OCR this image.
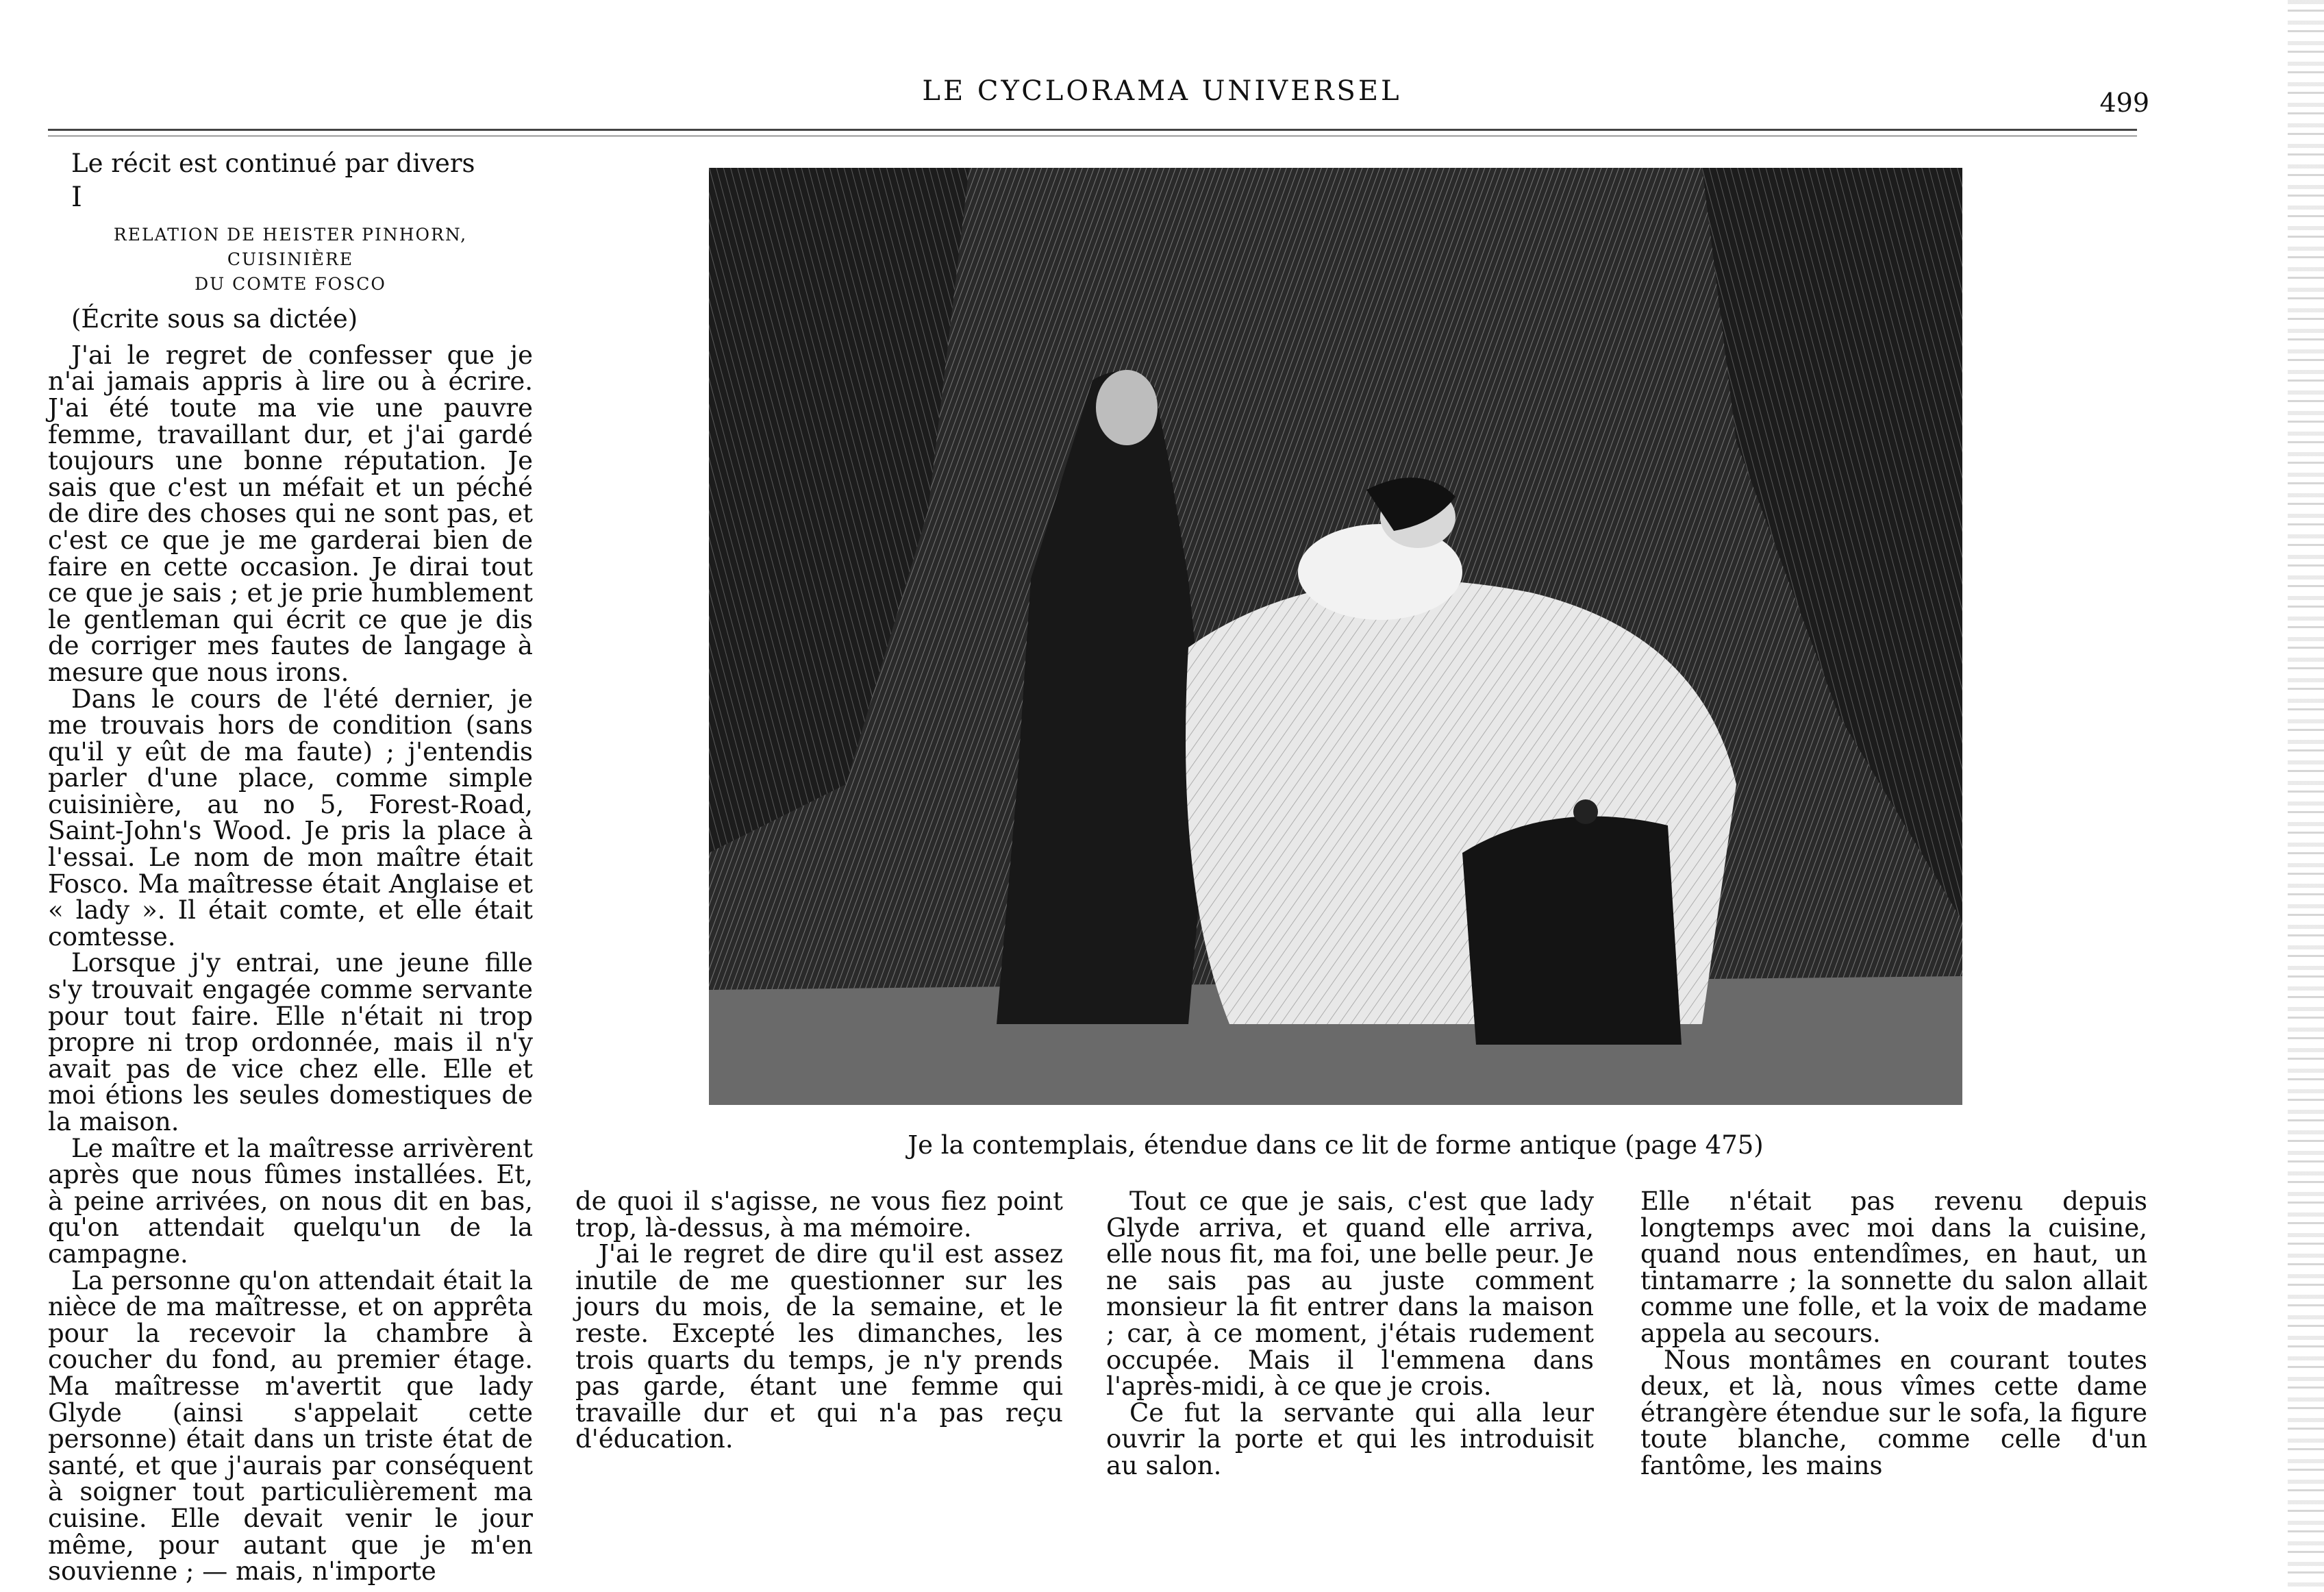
LE CYCLORAMA UNIVERSEL	499

Le récit est continué par divers

I

RELATION DE HEISTER PINHORN, CUISINIÈRE
DU COMTE FOSCO

(Écrite sous sa dictée)

J'ai le regret de confesser que je n'ai jamais appris à lire ou à écrire. J'ai été toute ma vie une pauvre femme, travaillant dur, et j'ai gardé toujours une bonne réputation. Je sais que c'est un méfait et un péché de dire des choses qui ne sont pas, et c'est ce que je me garderai bien de faire en cette occasion. Je dirai tout ce que je sais ; et je prie humblement le gentleman qui écrit ce que je dis de corriger mes fautes de langage à mesure que nous irons.

Dans le cours de l'été dernier, je me trouvais hors de condition (sans qu'il y eût de ma faute) ; j'entendis parler d'une place, comme simple cuisinière, au no 5, Forest-Road, Saint-John's Wood. Je pris la place à l'essai. Le nom de mon maître était Fosco. Ma maîtresse était Anglaise et « lady ». Il était comte, et elle était comtesse.

Lorsque j'y entrai, une jeune fille s'y trouvait engagée comme servante pour tout faire. Elle n'était ni trop propre ni trop ordonnée, mais il n'y avait pas de vice chez elle. Elle et moi étions les seules domestiques de la maison.

Le maître et la maîtresse arrivèrent après que nous fûmes installées. Et, à peine arrivées, on nous dit en bas, qu'on attendait quelqu'un de la campagne.

La personne qu'on attendait était la nièce de ma maîtresse, et on apprêta pour la recevoir la chambre à coucher du fond, au premier étage. Ma maîtresse m'avertit que lady Glyde (ainsi s'appelait cette personne) était dans un triste état de santé, et que j'aurais par conséquent à soigner tout particulièrement ma cuisine. Elle devait venir le jour même, pour autant que je m'en souvienne ; — mais, n'importe

Je la contemplais, étendue dans ce lit de forme antique (page 475)

de quoi il s'agisse, ne vous fiez point trop, là-dessus, à ma mémoire.

J'ai le regret de dire qu'il est assez inutile de me questionner sur les jours du mois, de la semaine, et le reste. Excepté les dimanches, les trois quarts du temps, je n'y prends pas garde, étant une femme qui travaille dur et qui n'a pas reçu d'éducation.

Tout ce que je sais, c'est que lady Glyde arriva, et quand elle arriva, elle nous fit, ma foi, une belle peur. Je ne sais pas au juste comment monsieur la fit entrer dans la maison ; car, à ce moment, j'étais rudement occupée. Mais il l'emmena dans l'après-midi, à ce que je crois.

Ce fut la servante qui alla leur ouvrir la porte et qui les introduisit au salon.

Elle n'était pas revenu depuis longtemps avec moi dans la cuisine, quand nous entendîmes, en haut, un tintamarre ; la sonnette du salon allait comme une folle, et la voix de madame appela au secours.

Nous montâmes en courant toutes deux, et là, nous vîmes cette dame étrangère étendue sur le sofa, la figure toute blanche, comme celle d'un fantôme, les mains
